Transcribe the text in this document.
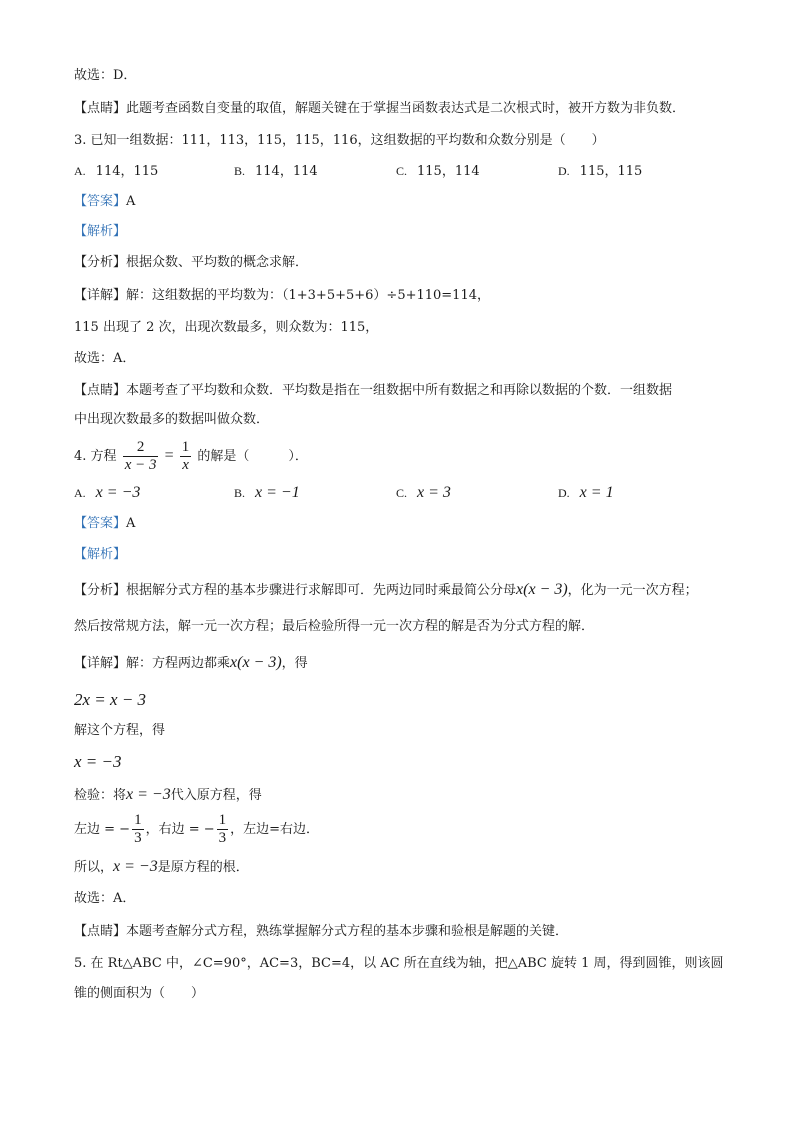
故选：D．
【点睛】此题考查函数自变量的取值，解题关键在于掌握当函数表达式是二次根式时，被开方数为非负数．
3. 已知一组数据：111，113，115，115，116，这组数据的平均数和众数分别是（　　）
A. 114，115	B. 114，114	C. 115，114	D. 115，115
【答案】A
【解析】
【分析】根据众数、平均数的概念求解．
【详解】解：这组数据的平均数为：（1+3+5+5+6）÷5+110=114，
115 出现了 2 次，出现次数最多，则众数为：115，
故选：A．
【点睛】本题考查了平均数和众数．平均数是指在一组数据中所有数据之和再除以数据的个数．一组数据
中出现次数最多的数据叫做众数．
4. 方程 $\frac{2}{x - 3} = \frac{1}{x}$ 的解是（　　　）．
A. x = −3	B. x = −1	C. x = 3	D. x = 1
【答案】A
【解析】
【分析】根据解分式方程的基本步骤进行求解即可．先两边同时乘最简公分母x(x − 3)，化为一元一次方程；
然后按常规方法，解一元一次方程；最后检验所得一元一次方程的解是否为分式方程的解．
【详解】解：方程两边都乘x(x − 3)，得
2x = x − 3
解这个方程，得
x = −3
检验：将x = −3代入原方程，得
左边 = − $\frac{1}{3}$ ，右边 = − $\frac{1}{3}$ ，左边=右边．
所以，x = −3是原方程的根．
故选：A．
【点睛】本题考查解分式方程，熟练掌握解分式方程的基本步骤和验根是解题的关键．
5. 在 Rt△ABC 中，∠C=90°，AC=3，BC=4，以 AC 所在直线为轴，把△ABC 旋转 1 周，得到圆锥，则该圆
锥的侧面积为（　　）
